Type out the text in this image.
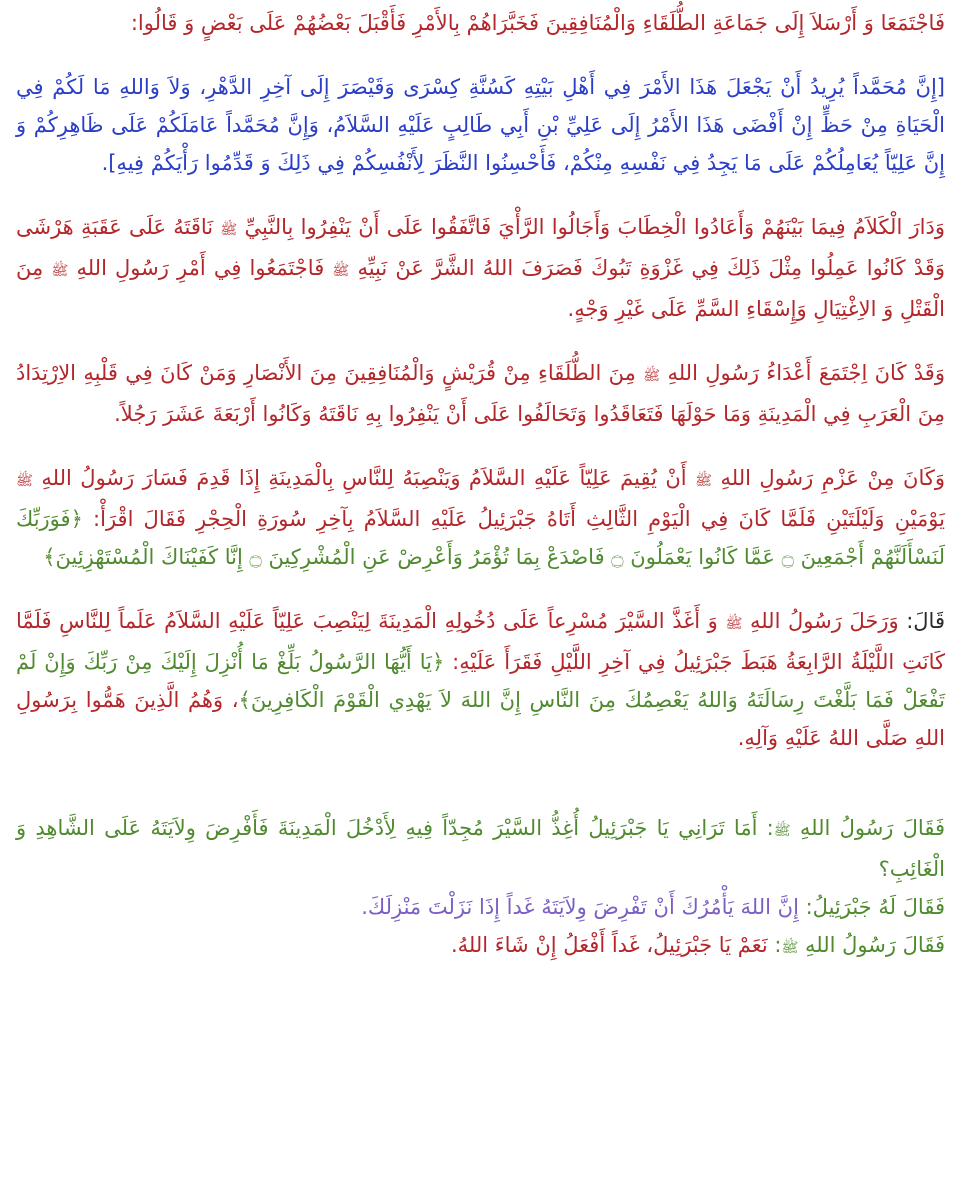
فَاجْتَمَعَا وَ أَرْسَلاَ إِلَى جَمَاعَةِ الطُّلَقَاءِ وَالْمُنَافِقِينَ فَخَبَّرَاهُمْ بِالأَمْرِ فَأَقْبَلَ بَعْضُهُمْ عَلَى بَعْضٍ وَ قَالُوا:

[إِنَّ مُحَمَّداً يُرِيدُ أَنْ يَجْعَلَ هَذَا الأَمْرَ فِي أَهْلِ بَيْتِهِ كَسُنَّةِ كِسْرَى وَقَيْصَرَ إِلَى آخِرِ الدَّهْرِ، وَلاَ وَاللهِ مَا لَكُمْ فِي الْحَيَاةِ مِنْ حَظٍّ إِنْ أَفْضَى هَذَا الأَمْرُ إِلَى عَلِيِّ بْنِ أَبِي طَالِبٍ عَلَيْهِ السَّلاَمُ، وَإِنَّ مُحَمَّداً عَامَلَكُمْ عَلَى ظَاهِرِكُمْ وَ إِنَّ عَلِيّاً يُعَامِلُكُمْ عَلَى مَا يَجِدُ فِي نَفْسِهِ مِنْكُمْ، فَأَحْسِنُوا النَّظَرَ لِأَنْفُسِكُمْ فِي ذَلِكَ وَ قَدِّمُوا رَأْيَكُمْ فِيهِ].

وَدَارَ الْكَلاَمُ فِيمَا بَيْنَهُمْ وَأَعَادُوا الْخِطَابَ وَأَجَالُوا الرَّأْيَ فَاتَّفَقُوا عَلَى أَنْ يَنْفِرُوا بِالنَّبِيِّ ﷺ نَاقَتَهُ عَلَى عَقَبَةِ هَرْشَى وَقَدْ كَانُوا عَمِلُوا مِثْلَ ذَلِكَ فِي غَزْوَةِ تَبُوكَ فَصَرَفَ اللهُ الشَّرَّ عَنْ نَبِيِّهِ ﷺ فَاجْتَمَعُوا فِي أَمْرِ رَسُولِ اللهِ ﷺ مِنَ الْقَتْلِ وَ الاِغْتِيَالِ وَإِسْقَاءِ السَّمِّ عَلَى غَيْرِ وَجْهٍ.

وَقَدْ كَانَ اِجْتَمَعَ أَعْدَاءُ رَسُولِ اللهِ ﷺ مِنَ الطُّلَقَاءِ مِنْ قُرَيْشٍ وَالْمُنَافِقِينَ مِنَ الأَنْصَارِ وَمَنْ كَانَ فِي قَلْبِهِ الاِرْتِدَادُ مِنَ الْعَرَبِ فِي الْمَدِينَةِ وَمَا حَوْلَهَا فَتَعَاقَدُوا وَتَحَالَفُوا عَلَى أَنْ يَنْفِرُوا بِهِ نَاقَتَهُ وَكَانُوا أَرْبَعَةَ عَشَرَ رَجُلاً.

وَكَانَ مِنْ عَزْمِ رَسُولِ اللهِ ﷺ أَنْ يُقِيمَ عَلِيّاً عَلَيْهِ السَّلاَمُ وَيَنْصِبَهُ لِلنَّاسِ بِالْمَدِينَةِ إِذَا قَدِمَ فَسَارَ رَسُولُ اللهِ ﷺ يَوْمَيْنِ وَلَيْلَتَيْنِ فَلَمَّا كَانَ فِي الْيَوْمِ الثَّالِثِ أَتَاهُ جَبْرَئِيلُ عَلَيْهِ السَّلاَمُ بِآخِرِ سُورَةِ الْحِجْرِ فَقَالَ اقْرَأْ: ﴿فَوَرَبِّكَ لَنَسْأَلَنَّهُمْ أَجْمَعِينَ ۝ عَمَّا كَانُوا يَعْمَلُونَ ۝ فَاصْدَعْ بِمَا تُؤْمَرُ وَأَعْرِضْ عَنِ الْمُشْرِكِينَ ۝ إِنَّا كَفَيْنَاكَ الْمُسْتَهْزِئِينَ﴾

قَالَ: وَرَحَلَ رَسُولُ اللهِ ﷺ وَ أَغَذَّ السَّيْرَ مُسْرِعاً عَلَى دُخُولِهِ الْمَدِينَةَ لِيَنْصِبَ عَلِيّاً عَلَيْهِ السَّلاَمُ عَلَماً لِلنَّاسِ فَلَمَّا كَانَتِ اللَّيْلَةُ الرَّابِعَةُ هَبَطَ جَبْرَئِيلُ فِي آخِرِ اللَّيْلِ فَقَرَأَ عَلَيْهِ: ﴿يَا أَيُّهَا الرَّسُولُ بَلِّغْ مَا أُنْزِلَ إِلَيْكَ مِنْ رَبِّكَ وَإِنْ لَمْ تَفْعَلْ فَمَا بَلَّغْتَ رِسَالَتَهُ وَاللهُ يَعْصِمُكَ مِنَ النَّاسِ إِنَّ اللهَ لاَ يَهْدِي الْقَوْمَ الْكَافِرِينَ﴾، وَهُمُ الَّذِينَ هَمُّوا بِرَسُولِ اللهِ صَلَّى اللهُ عَلَيْهِ وَآلِهِ.

فَقَالَ رَسُولُ اللهِ ﷺ: أَمَا تَرَانِي يَا جَبْرَئِيلُ أُغِذُّ السَّيْرَ مُجِدّاً فِيهِ لِأَدْخُلَ الْمَدِينَةَ فَأَفْرِضَ وِلاَيَتَهُ عَلَى الشَّاهِدِ وَ الْغَائِبِ؟

فَقَالَ لَهُ جَبْرَئِيلُ: إِنَّ اللهَ يَأْمُرُكَ أَنْ تَفْرِضَ وِلاَيَتَهُ غَداً إِذَا نَزَلْتَ مَنْزِلَكَ.

فَقَالَ رَسُولُ اللهِ ﷺ: نَعَمْ يَا جَبْرَئِيلُ، غَداً أَفْعَلُ إِنْ شَاءَ اللهُ.
